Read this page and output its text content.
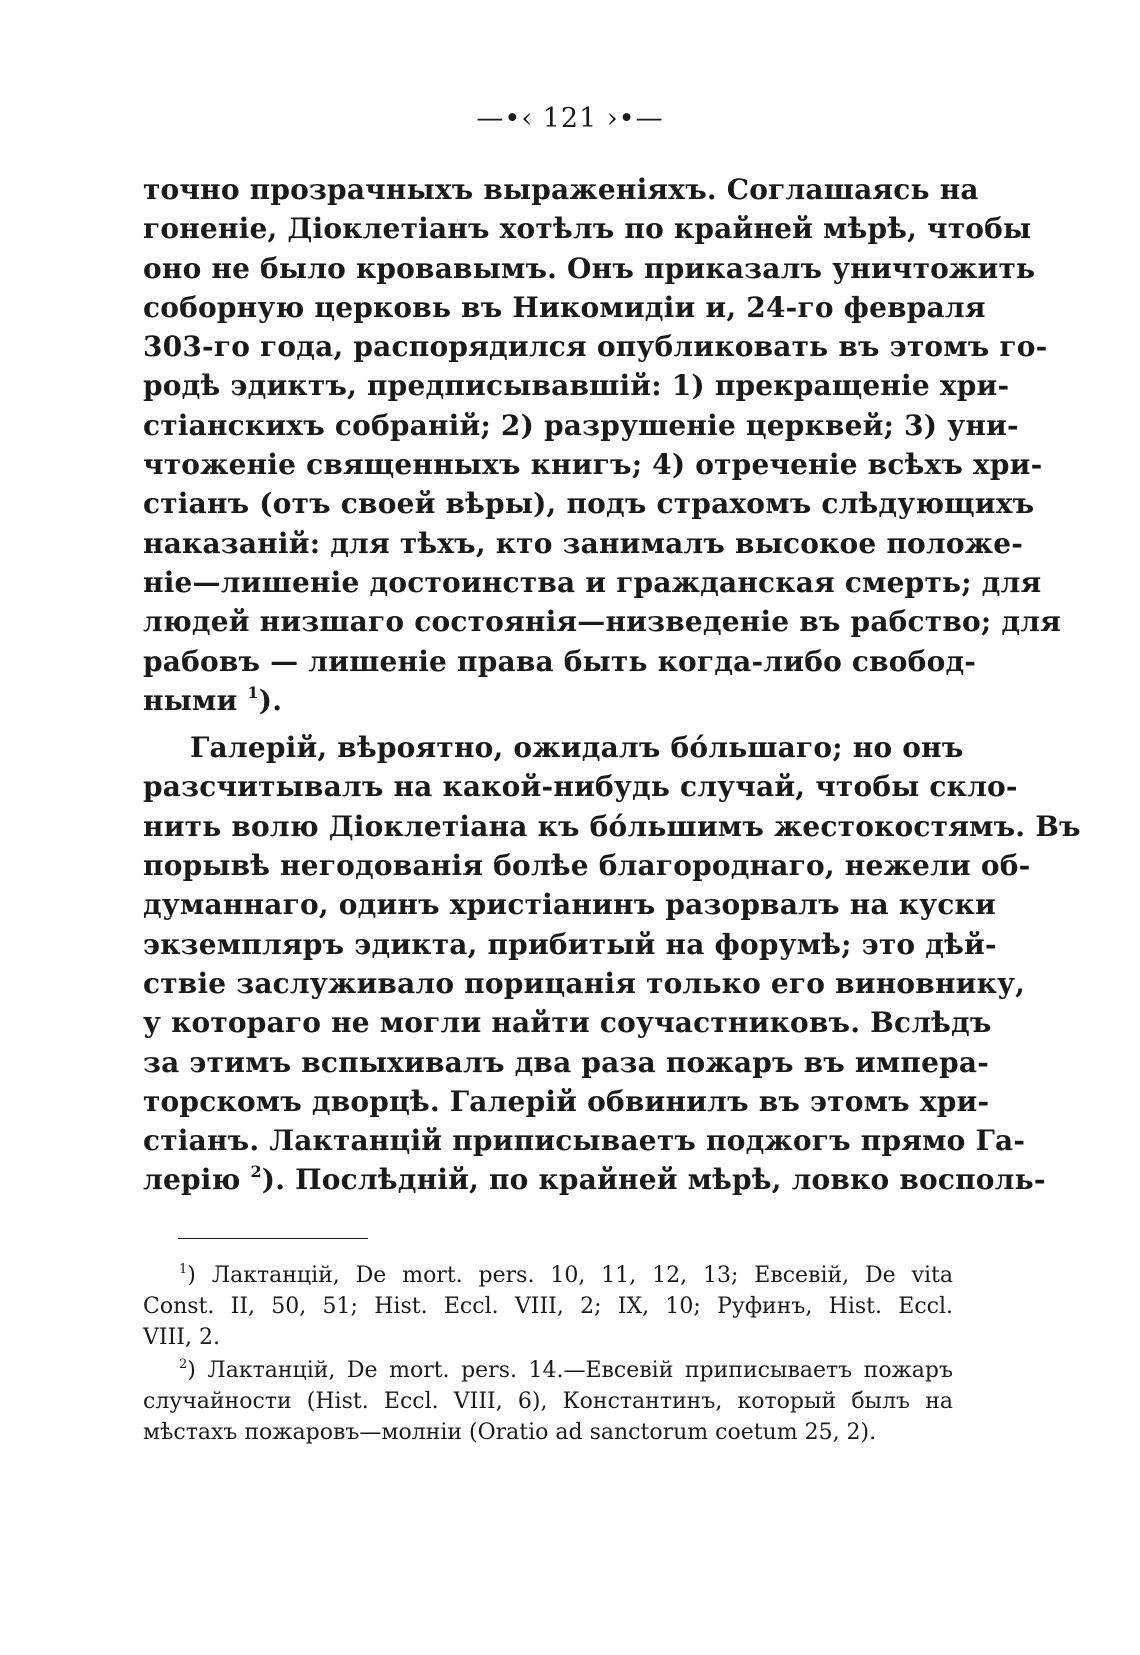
—•‹ 121 ›•—
точно прозрачныхъ выраженіяхъ. Соглашаясь на
гоненіе, Діоклетіанъ хотѣлъ по крайней мѣрѣ, чтобы
оно не было кровавымъ. Онъ приказалъ уничтожить
соборную церковь въ Никомидіи и, 24-го февраля
303-го года, распорядился опубликовать въ этомъ го-
родѣ эдиктъ, предписывавшій: 1) прекращеніе хри-
стіанскихъ собраній; 2) разрушеніе церквей; 3) уни-
чтоженіе священныхъ книгъ; 4) отреченіе всѣхъ хри-
стіанъ (отъ своей вѣры), подъ страхомъ слѣдующихъ
наказаній: для тѣхъ, кто занималъ высокое положе-
ніе—лишеніе достоинства и гражданская смерть; для
людей низшаго состоянія—низведеніе въ рабство; для
рабовъ — лишеніе права быть когда-либо свобод-
ными $^1$).
Галерій, вѣроятно, ожидалъ бóльшаго; но онъ
разсчитывалъ на какой-нибудь случай, чтобы скло-
нить волю Діоклетіана къ бóльшимъ жестокостямъ. Въ
порывѣ негодованія болѣе благороднаго, нежели об-
думаннаго, одинъ христіанинъ разорвалъ на куски
экземпляръ эдикта, прибитый на форумѣ; это дѣй-
ствіе заслуживало порицанія только его виновнику,
у котораго не могли найти соучастниковъ. Вслѣдъ
за этимъ вспыхивалъ два раза пожаръ въ импера-
торскомъ дворцѣ. Галерій обвинилъ въ этомъ хри-
стіанъ. Лактанцій приписываетъ поджогъ прямо Га-
лерію $^2$). Послѣдній, по крайней мѣрѣ, ловко восполь-
$^1$) Лактанцій, De mort. pers. 10, 11, 12, 13; Евсевій, De vita
Const. II, 50, 51; Hist. Eccl. VIII, 2; IX, 10; Руфинъ, Hist. Eccl.
VIII, 2.
$^2$) Лактанцій, De mort. pers. 14.—Евсевій приписываетъ пожаръ
случайности (Hist. Eccl. VIII, 6), Константинъ, который былъ на
мѣстахъ пожаровъ—молніи (Oratio ad sanctorum coetum 25, 2).
